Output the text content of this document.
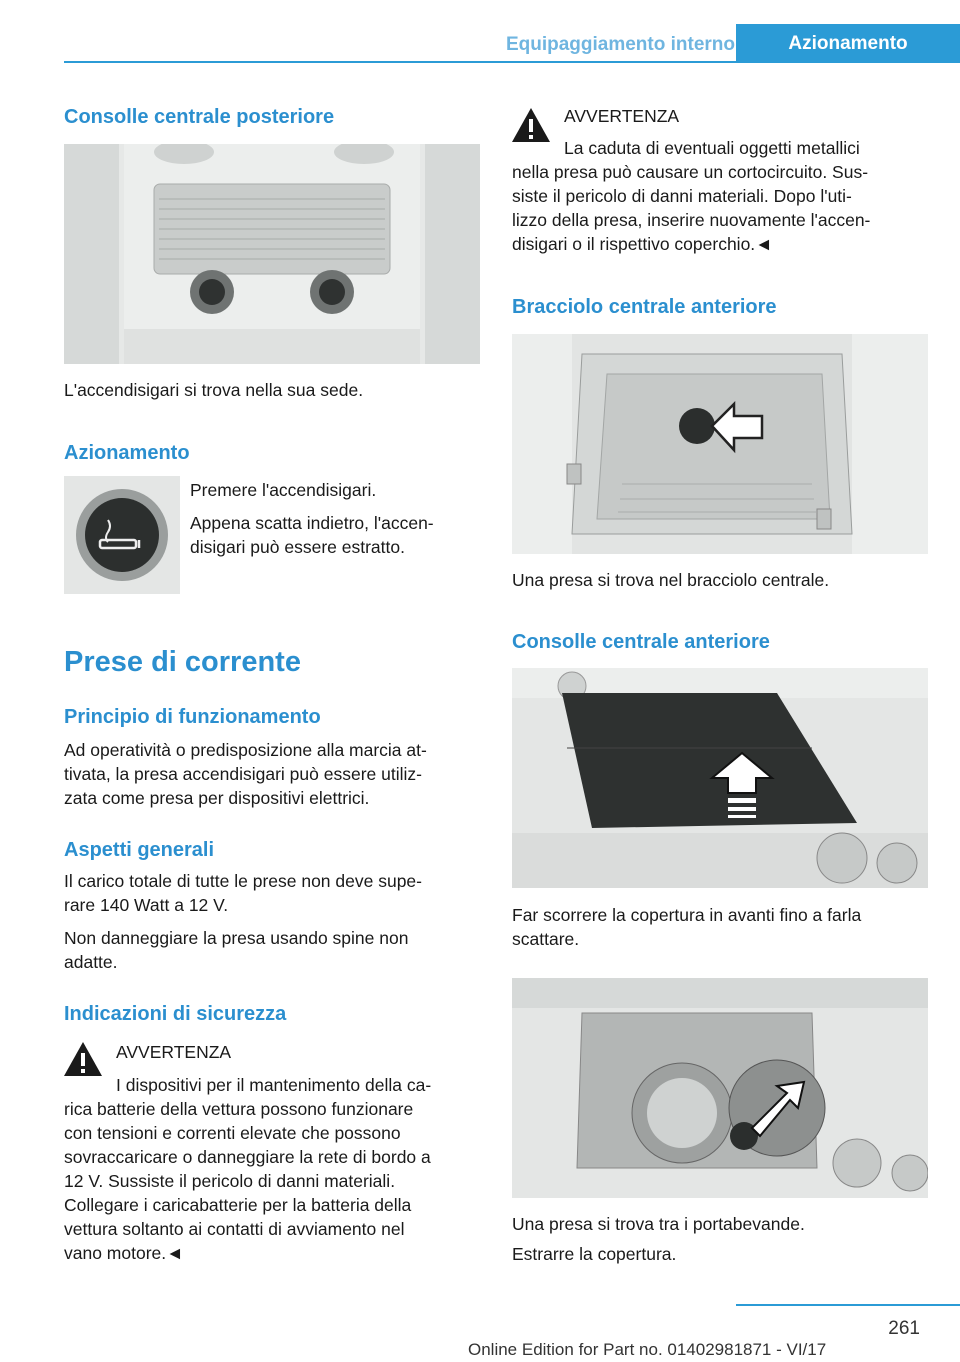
Equipaggiamento interno	Azionamento
Consolle centrale posteriore
L'accendisigari si trova nella sua sede.
Azionamento
Premere l'accendisigari.
Appena scatta indietro, l'accen‐
disigari può essere estratto.
Prese di corrente
Principio di funzionamento
Ad operatività o predisposizione alla marcia at‐
tivata, la presa accendisigari può essere utiliz‐
zata come presa per dispositivi elettrici.
Aspetti generali
Il carico totale di tutte le prese non deve supe‐
rare 140 Watt a 12 V.
Non danneggiare la presa usando spine non
adatte.
Indicazioni di sicurezza
AVVERTENZA
I dispositivi per il mantenimento della ca‐
rica batterie della vettura possono funzionare
con tensioni e correnti elevate che possono
sovraccaricare o danneggiare la rete di bordo a
12 V. Sussiste il pericolo di danni materiali.
Collegare i caricabatterie per la batteria della
vettura soltanto ai contatti di avviamento nel
vano motore.◄
AVVERTENZA
La caduta di eventuali oggetti metallici
nella presa può causare un cortocircuito. Sus‐
siste il pericolo di danni materiali. Dopo l'uti‐
lizzo della presa, inserire nuovamente l'accen‐
disigari o il rispettivo coperchio.◄
Bracciolo centrale anteriore
Una presa si trova nel bracciolo centrale.
Consolle centrale anteriore
Far scorrere la copertura in avanti fino a farla
scattare.
Una presa si trova tra i portabevande.
Estrarre la copertura.
261
Online Edition for Part no. 01402981871 - VI/17
